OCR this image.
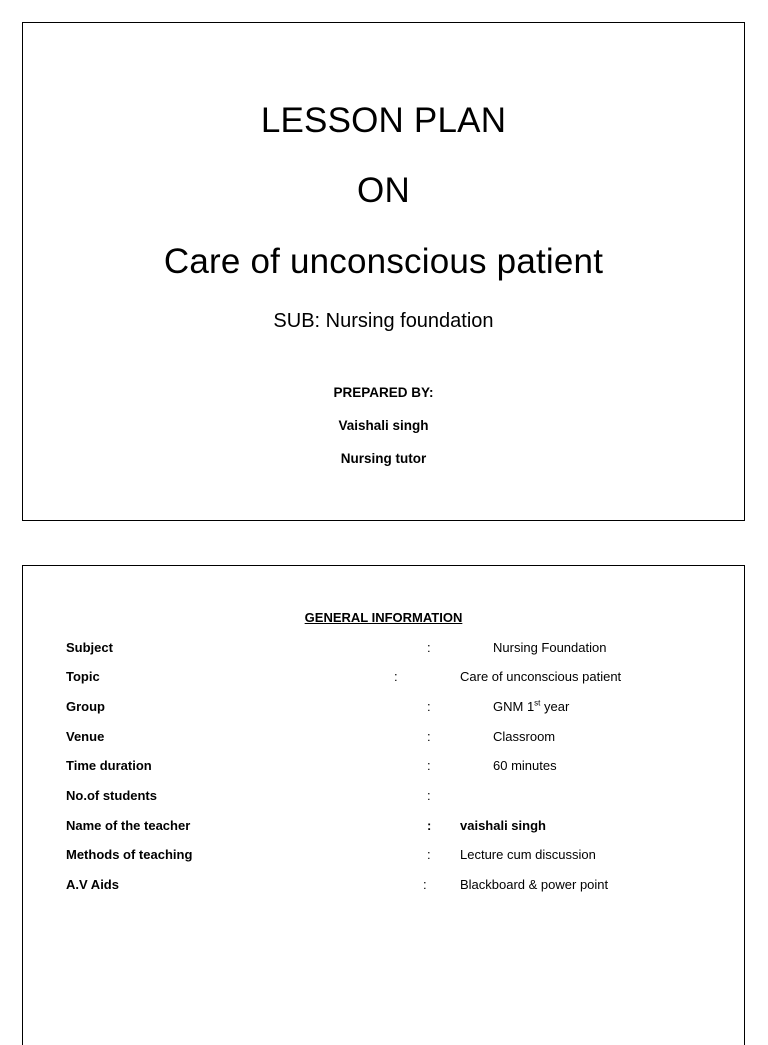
LESSON PLAN
ON
Care of unconscious patient
SUB: Nursing foundation
PREPARED BY:
Vaishali singh
Nursing tutor
GENERAL INFORMATION
Subject	:	Nursing Foundation
Topic	:	Care of unconscious patient
Group	:	GNM 1st year
Venue	:	Classroom
Time duration	:	60 minutes
No.of students	:
Name of the teacher	: vaishali singh
Methods of teaching	: Lecture cum discussion
A.V Aids	:	Blackboard & power point
